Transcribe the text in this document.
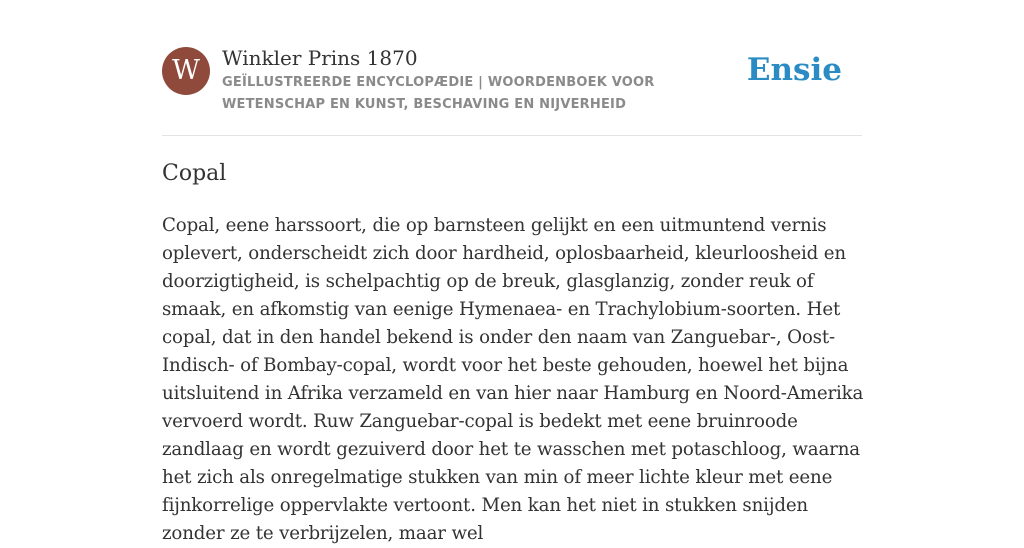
W	Winkler Prins 1870
GEÏLLUSTREERDE ENCYCLOPÆDIE | WOORDENBOEK VOOR WETENSCHAP EN KUNST, BESCHAVING EN NIJVERHEID
Ensie
Copal

Copal, eene harssoort, die op barnsteen gelijkt en een uitmuntend vernis oplevert, onderscheidt zich door hardheid, oplosbaarheid, kleurloosheid en doorzigtigheid, is schelpachtig op de breuk, glasglanzig, zonder reuk of smaak, en afkomstig van eenige Hymenaea- en Trachylobium-soorten. Het copal, dat in den handel bekend is onder den naam van Zanguebar-, Oost-Indisch- of Bombay-copal, wordt voor het beste gehouden, hoewel het bijna uitsluitend in Afrika verzameld en van hier naar Hamburg en Noord-Amerika vervoerd wordt. Ruw Zanguebar-copal is bedekt met eene bruinroode zandlaag en wordt gezuiverd door het te wasschen met potaschloog, waarna het zich als onregelmatige stukken van min of meer lichte kleur met eene fijnkorrelige oppervlakte vertoont. Men kan het niet in stukken snijden zonder ze te verbrijzelen, maar wel
